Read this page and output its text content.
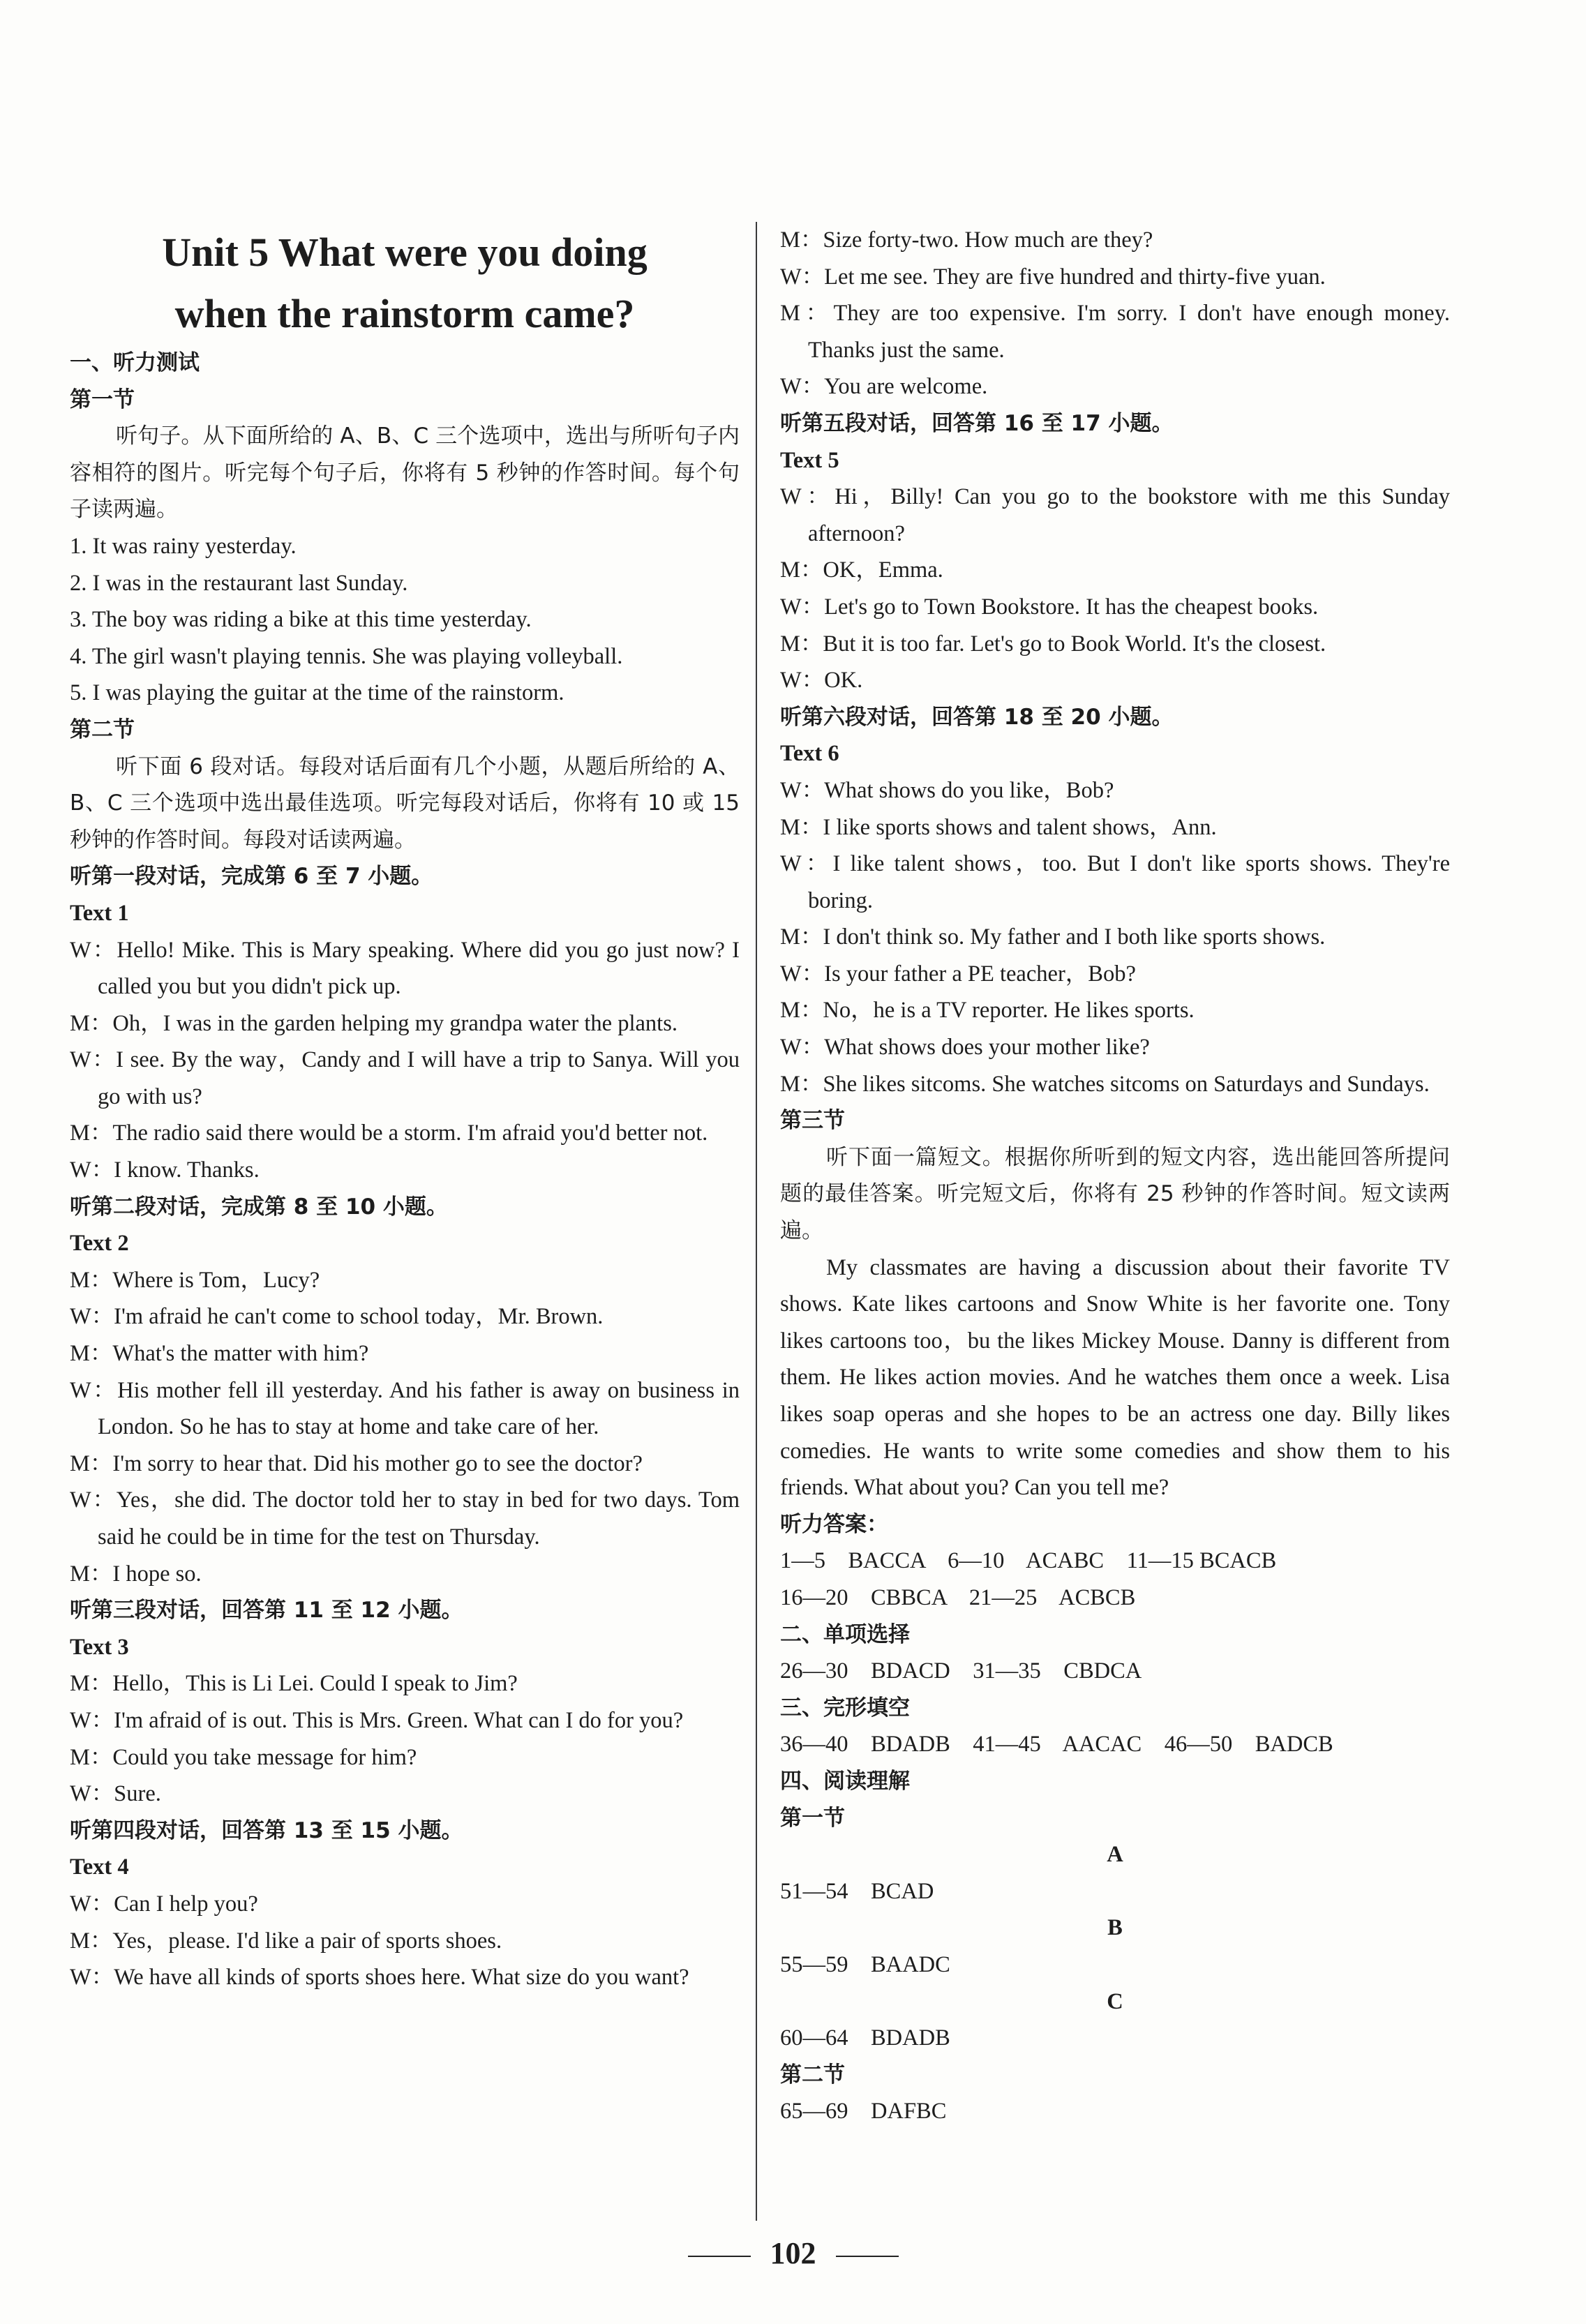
Unit 5 What were you doing
when the rainstorm came?
一、听力测试
第一节
听句子。从下面所给的 A、B、C 三个选项中，选出与所听句子内容相符的图片。听完每个句子后，你将有 5 秒钟的作答时间。每个句子读两遍。
1. It was rainy yesterday.
2. I was in the restaurant last Sunday.
3. The boy was riding a bike at this time yesterday.
4. The girl wasn't playing tennis. She was playing volleyball.
5. I was playing the guitar at the time of the rainstorm.
第二节
听下面 6 段对话。每段对话后面有几个小题，从题后所给的 A、B、C 三个选项中选出最佳选项。听完每段对话后，你将有 10 或 15 秒钟的作答时间。每段对话读两遍。
听第一段对话，完成第 6 至 7 小题。
Text 1
W：Hello! Mike. This is Mary speaking. Where did you go just now? I called you but you didn't pick up.
M：Oh，I was in the garden helping my grandpa water the plants.
W：I see. By the way，Candy and I will have a trip to Sanya. Will you go with us?
M：The radio said there would be a storm. I'm afraid you'd better not.
W：I know. Thanks.
听第二段对话，完成第 8 至 10 小题。
Text 2
M：Where is Tom，Lucy?
W：I'm afraid he can't come to school today，Mr. Brown.
M：What's the matter with him?
W：His mother fell ill yesterday. And his father is away on business in London. So he has to stay at home and take care of her.
M：I'm sorry to hear that. Did his mother go to see the doctor?
W：Yes，she did. The doctor told her to stay in bed for two days. Tom said he could be in time for the test on Thursday.
M：I hope so.
听第三段对话，回答第 11 至 12 小题。
Text 3
M：Hello，This is Li Lei. Could I speak to Jim?
W：I'm afraid of is out. This is Mrs. Green. What can I do for you?
M：Could you take message for him?
W：Sure.
听第四段对话，回答第 13 至 15 小题。
Text 4
W：Can I help you?
M：Yes，please. I'd like a pair of sports shoes.
W：We have all kinds of sports shoes here. What size do you want?
M：Size forty-two. How much are they?
W：Let me see. They are five hundred and thirty-five yuan.
M：They are too expensive. I'm sorry. I don't have enough money. Thanks just the same.
W：You are welcome.
听第五段对话，回答第 16 至 17 小题。
Text 5
W：Hi，Billy! Can you go to the bookstore with me this Sunday afternoon?
M：OK，Emma.
W：Let's go to Town Bookstore. It has the cheapest books.
M：But it is too far. Let's go to Book World. It's the closest.
W：OK.
听第六段对话，回答第 18 至 20 小题。
Text 6
W：What shows do you like，Bob?
M：I like sports shows and talent shows，Ann.
W：I like talent shows，too. But I don't like sports shows. They're boring.
M：I don't think so. My father and I both like sports shows.
W：Is your father a PE teacher，Bob?
M：No，he is a TV reporter. He likes sports.
W：What shows does your mother like?
M：She likes sitcoms. She watches sitcoms on Saturdays and Sundays.
第三节
听下面一篇短文。根据你所听到的短文内容，选出能回答所提问题的最佳答案。听完短文后，你将有 25 秒钟的作答时间。短文读两遍。
My classmates are having a discussion about their favorite TV shows. Kate likes cartoons and Snow White is her favorite one. Tony likes cartoons too，bu the likes Mickey Mouse. Danny is different from them. He likes action movies. And he watches them once a week. Lisa likes soap operas and she hopes to be an actress one day. Billy likes comedies. He wants to write some comedies and show them to his friends. What about you? Can you tell me?
听力答案：
1—5    BACCA    6—10    ACABC    11—15 BCACB
16—20    CBBCA    21—25    ACBCB
二、单项选择
26—30    BDACD    31—35    CBDCA
三、完形填空
36—40    BDADB    41—45    AACAC    46—50    BADCB
四、阅读理解
第一节
A
51—54    BCAD
B
55—59    BAADC
C
60—64    BDADB
第二节
65—69    DAFBC
102
